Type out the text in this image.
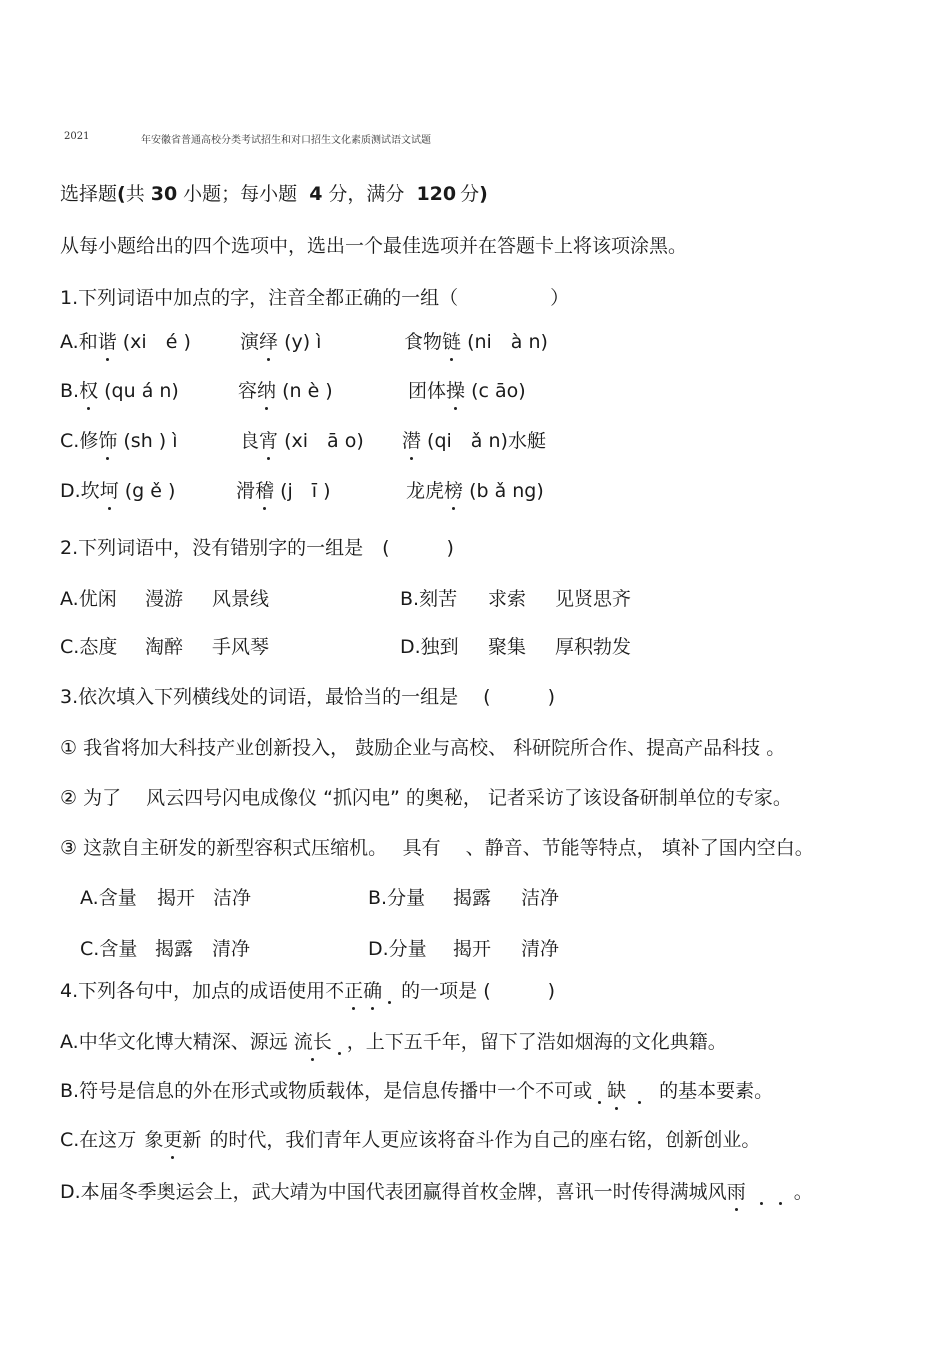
2021	年安徽省普通高校分类考试招生和对口招生文化素质测试语文试题
选择题(共 30 小题；每小题 4 分，满分 120 分)
从每小题给出的四个选项中，选出一个最佳选项并在答题卡上将该项涂黑。
1.下列词语中加点的字，注音全都正确的一组（	）
A.和谐 (xi　é )	演绎 (y) ì	食物链 (ni　à n)
B.权 (qu á n)	容纳 (n è )	团体操 (c āo)
C.修饰 (sh ) ì	良宵 (xi　ā o) 潜 (qi　ǎ n)水艇
D.坎坷 (g ě )	滑稽 (j　ī )	龙虎榜 (b ǎ ng)
2.下列词语中，没有错别字的一组是　(　　　)
A.优闲 漫游 风景线	B.刻苦 求索 见贤思齐
C.态度 淘醉 手风琴	D.独到 聚集 厚积勃发
3.依次填入下列横线处的词语，最恰当的一组是　 (　　　)
① 我省将加大科技产业创新投入， 鼓励企业与高校、 科研院所合作、提高产品科技 。
② 为了　 风云四号闪电成像仪 “抓闪电” 的奥秘， 记者采访了该设备研制单位的专家。
③ 这款自主研发的新型容积式压缩机。　 具有　 、静音、节能等特点， 填补了国内空白。
A.含量 揭开 洁净	B.分量 揭露 洁净
C.含量 揭露 清净	D.分量 揭开 清净
4.下列各句中，加点的成语使用不正确 的一项是 (　　　)
A.中华文化博大精深、源远 流长 ，上下五千年，留下了浩如烟海的文化典籍。
B.符号是信息的外在形式或物质载体，是信息传播中一个不可或 缺 的基本要素。
C.在这万 象更新 的时代，我们青年人更应该将奋斗作为自己的座右铭，创新创业。
D.本届冬季奥运会上，武大靖为中国代表团赢得首枚金牌，喜讯一时传得满城风雨	。
